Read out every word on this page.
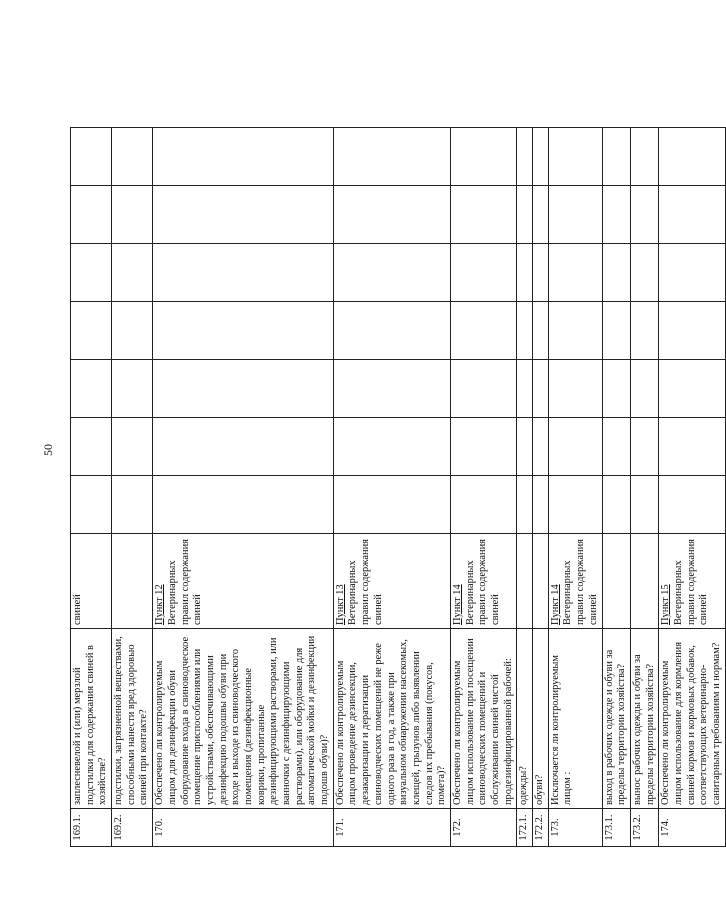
50
169.1.	заплесневелой и (или) мерзлой подстилки для содержания свиней в хозяйстве?	свиней							
169.2.	подстилки, загрязненной веществами, способными нанести вред здоровью свиней при контакте?								
170.	Обеспечено ли контролируемым лицом для дезинфекции обуви оборудование входа в свиноводческое помещение приспособлениями или устройствами, обеспечивающими дезинфекцию подошвы обуви при входе и выходе из свиноводческого помещения (дезинфекционные коврики, пропитанные дезинфицирующими растворами, или ванночки с дезинфицирующими растворами), или оборудование для автоматической мойки и дезинфекции подошв обуви)?	Пункт 12 Ветеринарных правил содержания свиней							
171.	Обеспечено ли контролируемым лицом проведение дезинсекции, дезакаризации и дератизации свиноводческих помещений не реже одного раза в год, а также при визуальном обнаружении насекомых, клещей, грызунов либо выявлении следов их пребывания (покусов, помета)?	Пункт 13 Ветеринарных правил содержания свиней							
172.	Обеспечено ли контролируемым лицом использование при посещении свиноводческих помещений и обслуживании свиней чистой продезинфицированной рабочей:	Пункт 14 Ветеринарных правил содержания свиней							
172.1.	одежды?								
172.2.	обуви?								
173.	Исключается ли контролируемым лицом :	Пункт 14 Ветеринарных правил содержания свиней							
173.1.	выход в рабочих одежде и обуви за пределы территории хозяйства?								
173.2.	вынос рабочих одежды и обуви за пределы территории хозяйства?								
174.	Обеспечено ли контролируемым лицом использование для кормления свиней кормов и кормовых добавок, соответствующих ветеринарно-санитарным требованиям и нормам?	Пункт 15 Ветеринарных правил содержания свиней							
